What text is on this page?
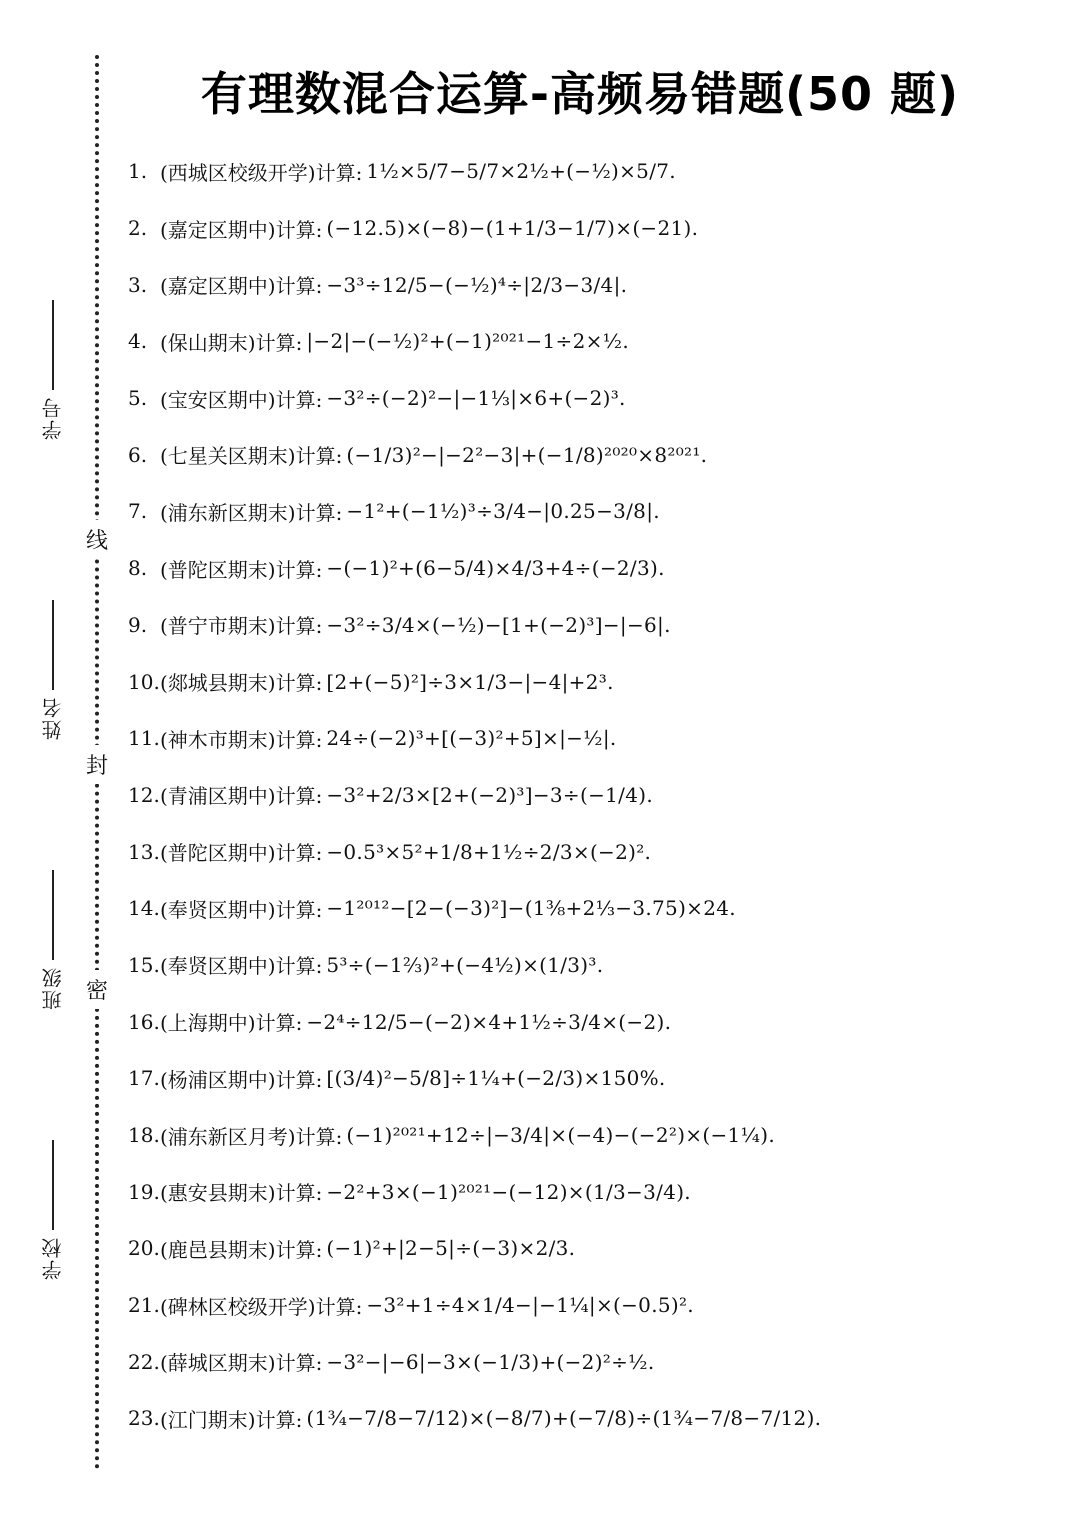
有理数混合运算-高频易错题(50 题)
线
封
密
学号
姓名
班级
学校
1. (西城区校级开学)计算: 1½×5/7−5/7×2½+(−½)×5/7.
2. (嘉定区期中)计算: (−12.5)×(−8)−(1+1/3−1/7)×(−21).
3. (嘉定区期中)计算: −3³÷12/5−(−½)⁴÷|2/3−3/4|.
4. (保山期末)计算: |−2|−(−½)²+(−1)²⁰²¹−1÷2×½.
5. (宝安区期中)计算: −3²÷(−2)²−|−1⅓|×6+(−2)³.
6. (七星关区期末)计算: (−1/3)²−|−2²−3|+(−1/8)²⁰²⁰×8²⁰²¹.
7. (浦东新区期末)计算: −1²+(−1½)³÷3/4−|0.25−3/8|.
8. (普陀区期末)计算: −(−1)²+(6−5/4)×4/3+4÷(−2/3).
9. (普宁市期末)计算: −3²÷3/4×(−½)−[1+(−2)³]−|−6|.
10. (郯城县期末)计算: [2+(−5)²]÷3×1/3−|−4|+2³.
11. (神木市期末)计算: 24÷(−2)³+[(−3)²+5]×|−½|.
12. (青浦区期中)计算: −3²+2/3×[2+(−2)³]−3÷(−1/4).
13. (普陀区期中)计算: −0.5³×5²+1/8+1½÷2/3×(−2)².
14. (奉贤区期中)计算: −1²⁰¹²−[2−(−3)²]−(1⅜+2⅓−3.75)×24.
15. (奉贤区期中)计算: 5³÷(−1⅔)²+(−4½)×(1/3)³.
16. (上海期中)计算: −2⁴÷12/5−(−2)×4+1½÷3/4×(−2).
17. (杨浦区期中)计算: [(3/4)²−5/8]÷1¼+(−2/3)×150%.
18. (浦东新区月考)计算: (−1)²⁰²¹+12÷|−3/4|×(−4)−(−2²)×(−1¼).
19. (惠安县期末)计算: −2²+3×(−1)²⁰²¹−(−12)×(1/3−3/4).
20. (鹿邑县期末)计算: (−1)²+|2−5|÷(−3)×2/3.
21. (碑林区校级开学)计算: −3²+1÷4×1/4−|−1¼|×(−0.5)².
22. (薛城区期末)计算: −3²−|−6|−3×(−1/3)+(−2)²÷½.
23. (江门期末)计算: (1¾−7/8−7/12)×(−8/7)+(−7/8)÷(1¾−7/8−7/12).
